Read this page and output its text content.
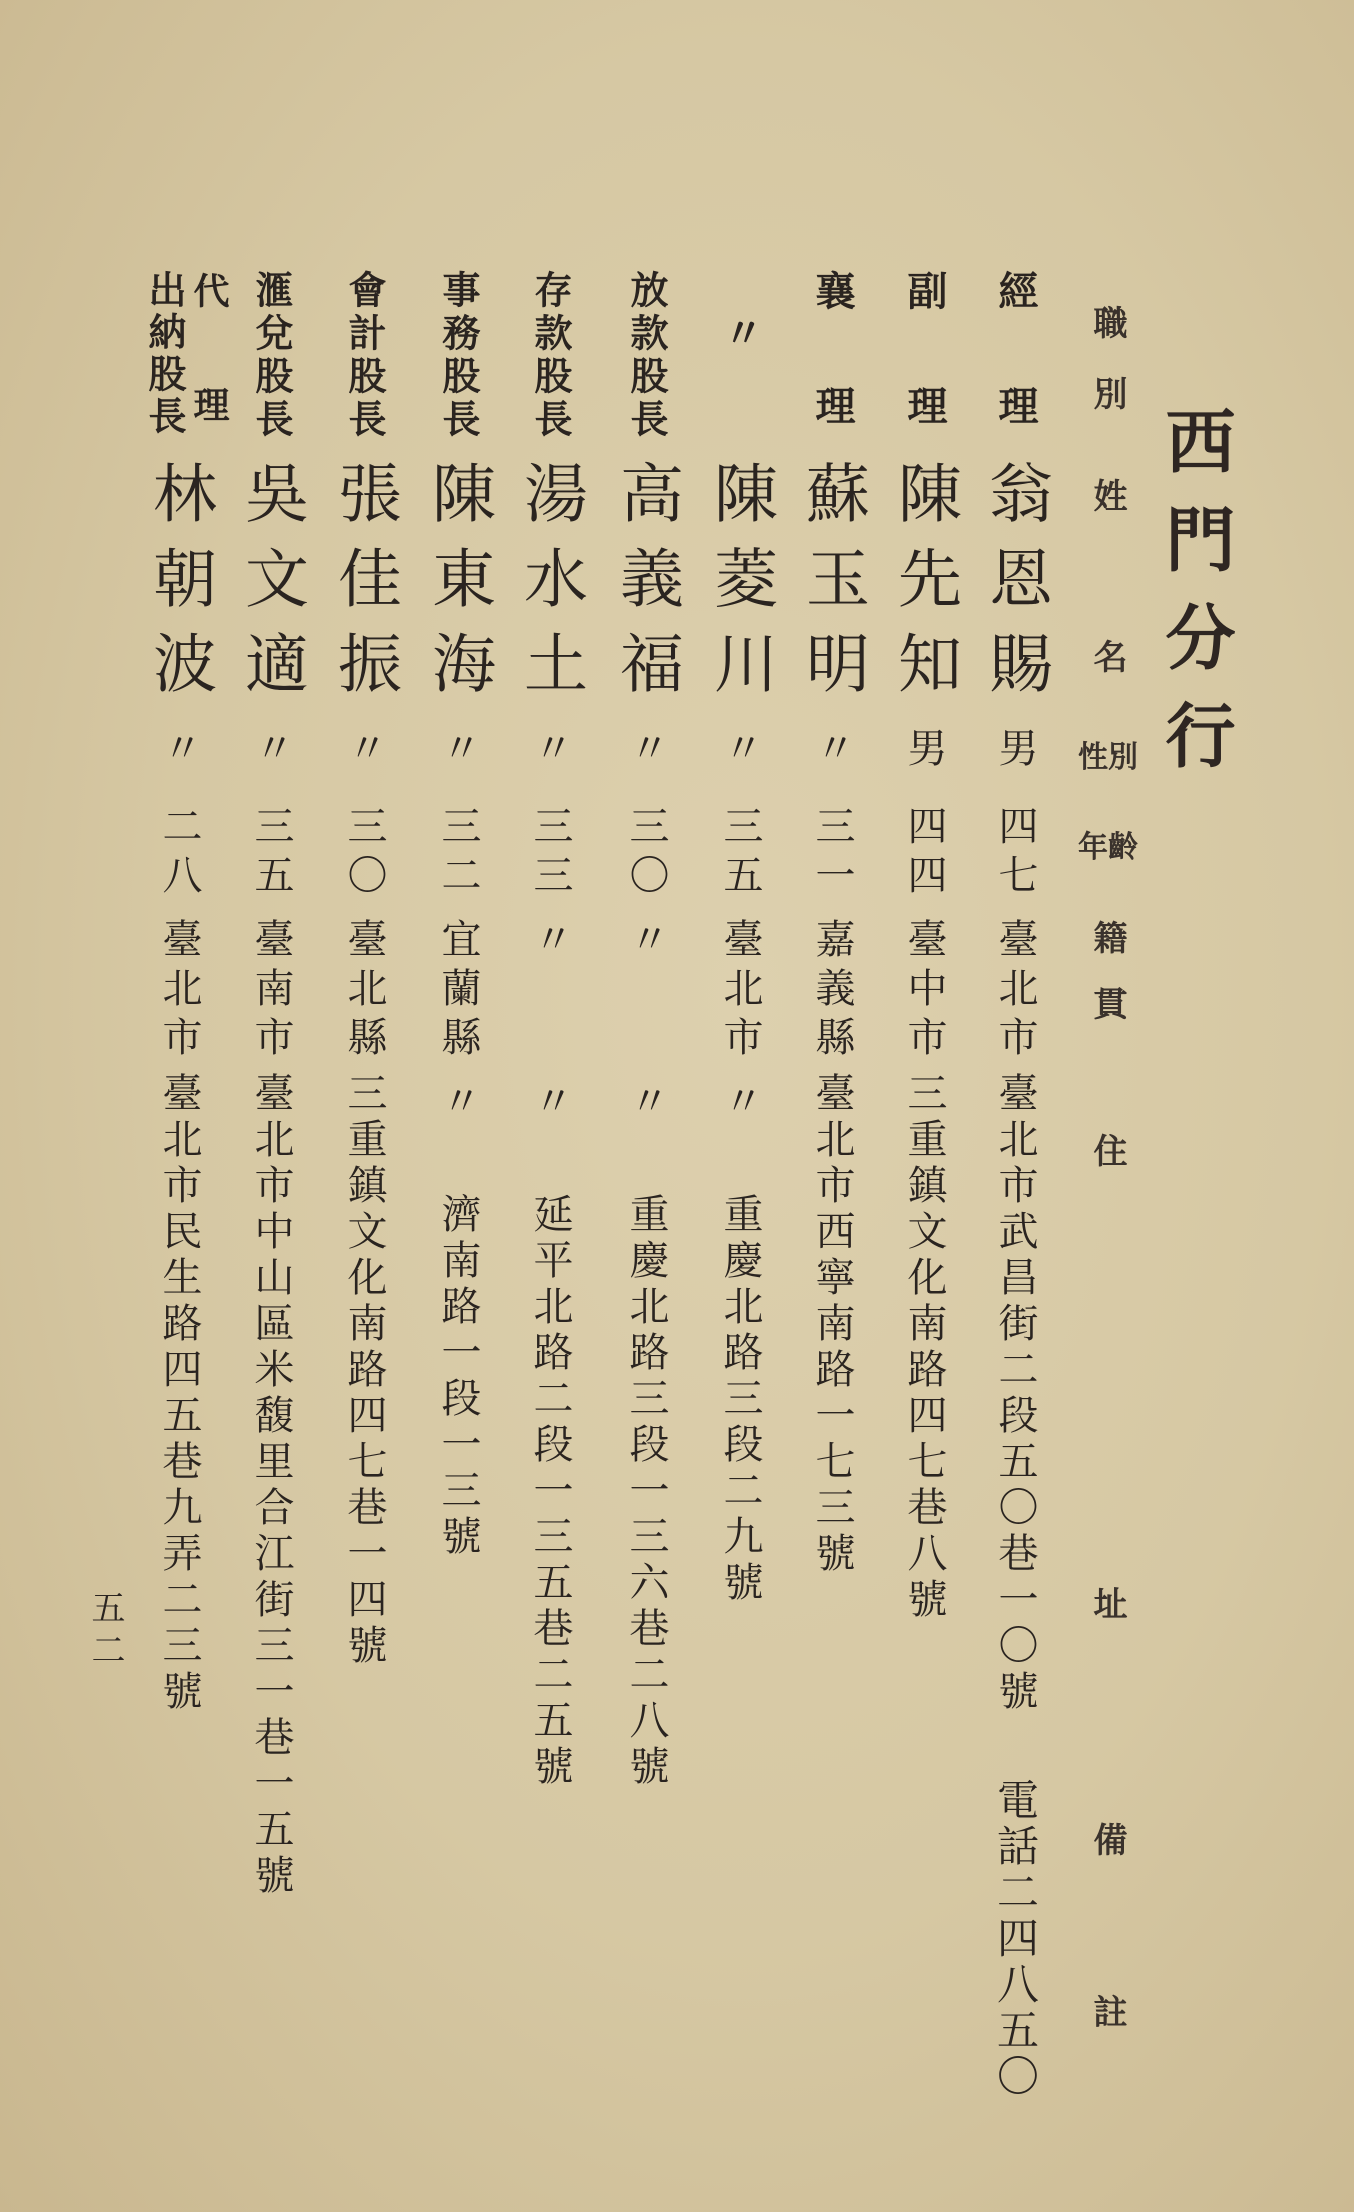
西門分行
職別
姓名
性別
年齡
籍貫
住址
備註
經理
翁恩賜
男
四七
臺北市
臺北市武昌街二段五〇巷一〇號
電話二四八五〇
副理
陳先知
男
四四
臺中市
三重鎮文化南路四七巷八號
襄理
蘇玉明
〃
三一
嘉義縣
臺北市西寧南路一七三號
〃
陳菱川
〃
三五
臺北市
〃
重慶北路三段二九號
放款股長
高義福
〃
三〇
〃
〃
重慶北路三段一三六巷二八號
存款股長
湯水土
〃
三三
〃
〃
延平北路二段一三五巷二五號
事務股長
陳東海
〃
三二
宜蘭縣
〃
濟南路一段一三號
會計股長
張佳振
〃
三〇
臺北縣
三重鎮文化南路四七巷一四號
滙兌股長
吳文適
〃
三五
臺南市
臺北市中山區米馥里合江街三一巷一五號
代理
出納股長
林朝波
〃
二八
臺北市
臺北市民生路四五巷九弄二三號
五二
